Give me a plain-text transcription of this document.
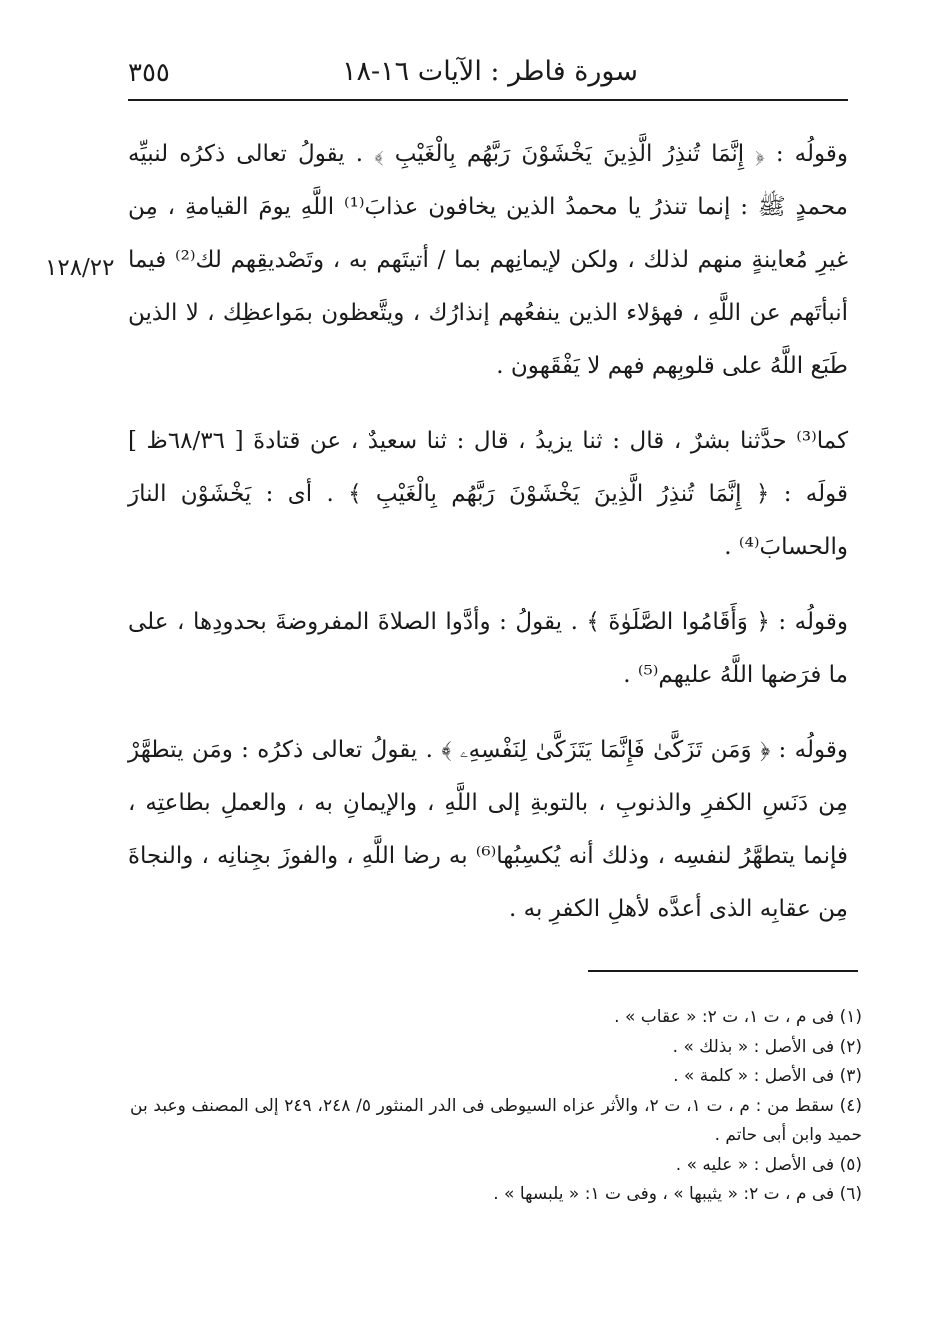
٣٥٥	سورة فاطر : الآيات ١٦-١٨
١٢٨/٢٢

وقولُه : ﴿ إِنَّمَا تُنذِرُ الَّذِينَ يَخْشَوْنَ رَبَّهُم بِالْغَيْبِ ﴾ . يقولُ تعالى ذكرُه لنبيِّه محمدٍ ﷺ : إنما تنذرُ يا محمدُ الذين يخافون عذابَ⁽¹⁾ اللَّهِ يومَ القيامةِ ، مِن غيرِ مُعاينةٍ منهم لذلك ، ولكن لإيمانِهم بما / أتيتَهم به ، وتَصْديقِهم لك⁽²⁾ فيما أنبأتَهم عن اللَّهِ ، فهؤلاء الذين ينفعُهم إنذارُك ، ويتَّعظون بمَواعظِك ، لا الذين طَبَع اللَّهُ على قلوبِهم فهم لا يَفْقَهون .

كما⁽³⁾ حدَّثنا بشرٌ ، قال : ثنا يزيدُ ، قال : ثنا سعيدٌ ، عن قتادةَ [ ٦٨/٣٦ظ ] قولَه : ﴿ إِنَّمَا تُنذِرُ الَّذِينَ يَخْشَوْنَ رَبَّهُم بِالْغَيْبِ ﴾ . أى : يَخْشَوْن النارَ والحسابَ⁽⁴⁾ .

وقولُه : ﴿ وَأَقَامُوا الصَّلَوٰةَ ﴾ . يقولُ : وأدَّوا الصلاةَ المفروضةَ بحدودِها ، على ما فرَضها اللَّهُ عليهم⁽⁵⁾ .

وقولُه : ﴿ وَمَن تَزَكَّىٰ فَإِنَّمَا يَتَزَكَّىٰ لِنَفْسِهِۦ ﴾ . يقولُ تعالى ذكرُه : ومَن يتطهَّرْ مِن دَنَسِ الكفرِ والذنوبِ ، بالتوبةِ إلى اللَّهِ ، والإيمانِ به ، والعملِ بطاعتِه ، فإنما يتطهَّرُ لنفسِه ، وذلك أنه يُكسِبُها⁽⁶⁾ به رضا اللَّهِ ، والفوزَ بجِنانِه ، والنجاةَ مِن عقابِه الذى أعدَّه لأهلِ الكفرِ به .

(١) فى م ، ت ١، ت ٢: « عقاب » .
(٢) فى الأصل : « بذلك » .
(٣) فى الأصل : « كلمة » .
(٤) سقط من : م ، ت ١، ت ٢، والأثر عزاه السيوطى فى الدر المنثور ٥/ ٢٤٨، ٢٤٩ إلى المصنف وعبد بن حميد وابن أبى حاتم .
(٥) فى الأصل : « عليه » .
(٦) فى م ، ت ٢: « يثيبها » ، وفى ت ١: « يلبسها » .
